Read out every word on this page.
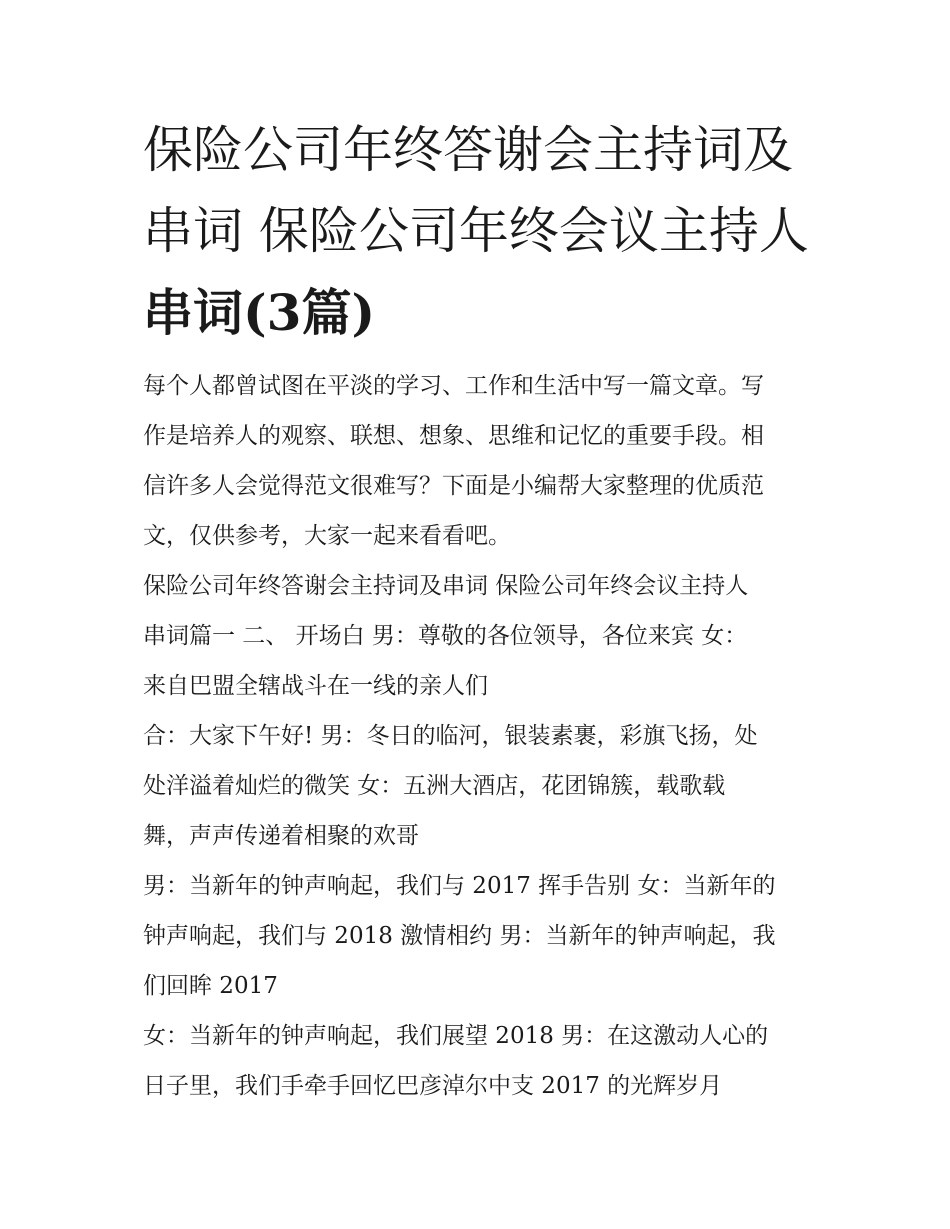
保险公司年终答谢会主持词及
串词 保险公司年终会议主持人
串词(3篇)

每个人都曾试图在平淡的学习、工作和生活中写一篇文章。写
作是培养人的观察、联想、想象、思维和记忆的重要手段。相
信许多人会觉得范文很难写？下面是小编帮大家整理的优质范
文，仅供参考，大家一起来看看吧。

保险公司年终答谢会主持词及串词 保险公司年终会议主持人
串词篇一 二、 开场白 男：尊敬的各位领导，各位来宾 女：
来自巴盟全辖战斗在一线的亲人们

合：大家下午好! 男：冬日的临河，银装素裹，彩旗飞扬，处
处洋溢着灿烂的微笑 女：五洲大酒店，花团锦簇，载歌载
舞，声声传递着相聚的欢哥

男：当新年的钟声响起，我们与 2017 挥手告别 女：当新年的
钟声响起，我们与 2018 激情相约 男：当新年的钟声响起，我
们回眸 2017

女：当新年的钟声响起，我们展望 2018 男：在这激动人心的
日子里，我们手牵手回忆巴彦淖尔中支 2017 的光辉岁月
